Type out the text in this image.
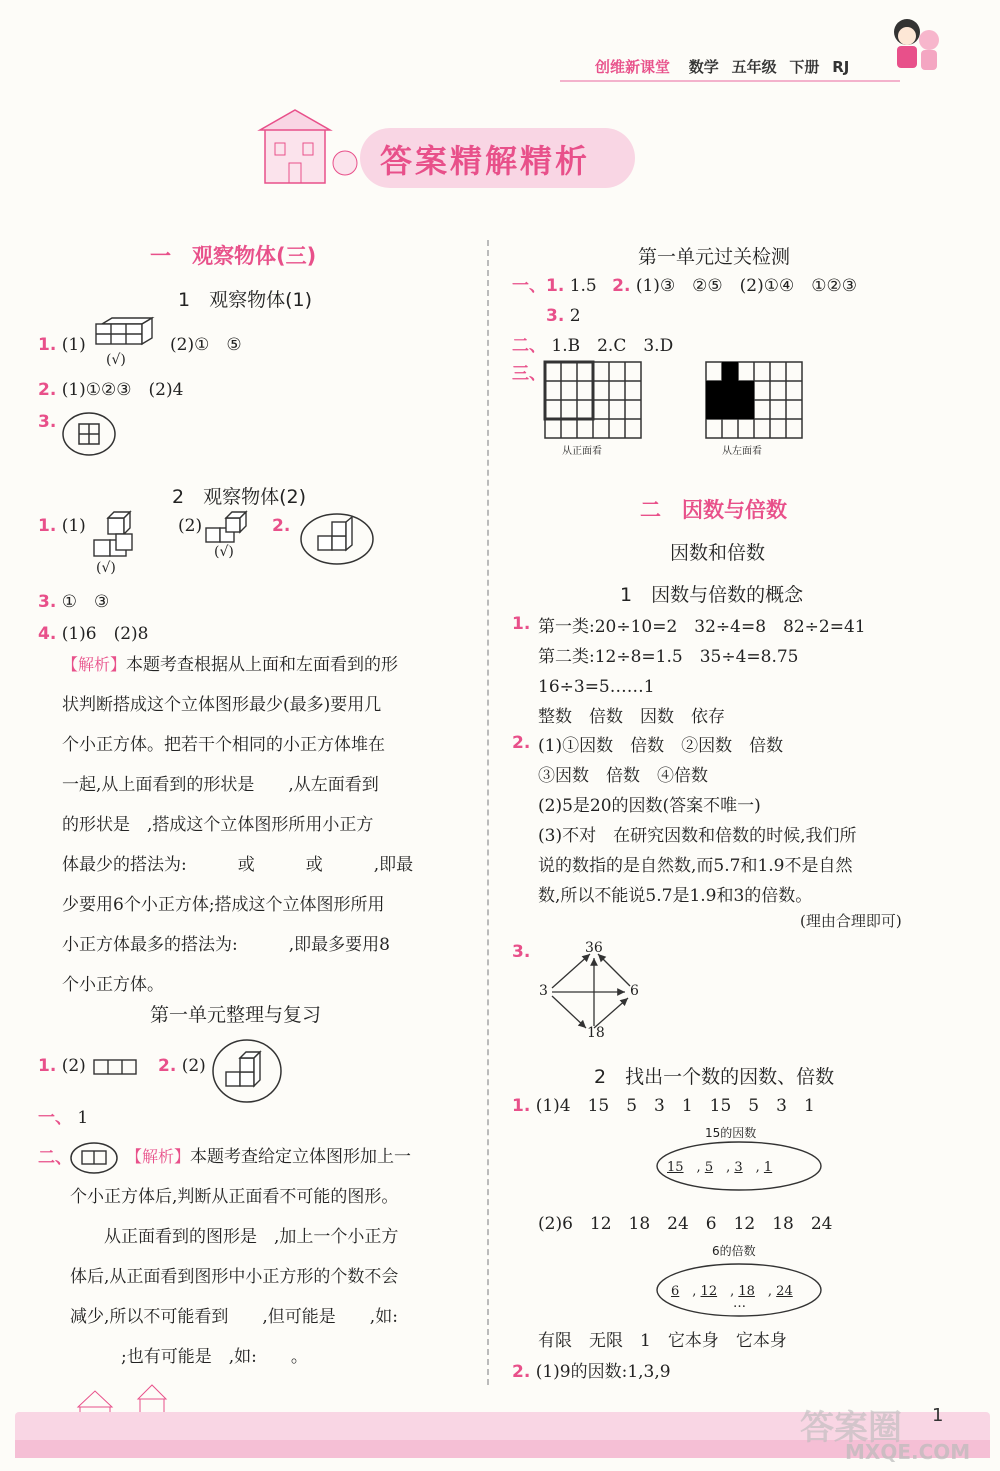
创维新课堂 数学 五年级 下册 RJ
答案精解精析
一　观察物体(三)
1　观察物体(1)
1. (1)
(√)
(2)①　⑤
2. (1)①②③　(2)4
3.
2　观察物体(2)
1. (1)
(√)
(2)
(√)
2.
3. ①　③
4. (1)6　(2)8
【解析】本题考查根据从上面和左面看到的形
状判断搭成这个立体图形最少(最多)要用几
个小正方体。把若干个相同的小正方体堆在
一起,从上面看到的形状是　　,从左面看到
的形状是　,搭成这个立体图形所用小正方
体最少的搭法为:　　　或　　　或　　　,即最
少要用6个小正方体;搭成这个立体图形所用
小正方体最多的搭法为:　　　,即最多要用8
个小正方体。
第一单元整理与复习
1. (2)	2. (2)
一、 1
二、	【解析】本题考查给定立体图形加上一
个小正方体后,判断从正面看不可能的图形。
　　从正面看到的图形是　,加上一个小正方
体后,从正面看到图形中小正方形的个数不会
减少,所以不可能看到　　,但可能是　　,如:
　　　;也有可能是　,如:　　。
第一单元过关检测
一、1. 1.5 2. (1)③　②⑤　(2)①④　①②③
3. 2
二、 1.B　2.C　3.D
三、
从正面看	从左面看
二　因数与倍数
因数和倍数
1　因数与倍数的概念
1. 第一类:20÷10=2　32÷4=8　82÷2=41
第二类:12÷8=1.5　35÷4=8.75
16÷3=5……1
整数　倍数　因数　依存
2. (1)①因数　倍数　②因数　倍数
③因数　倍数　④倍数
(2)5是20的因数(答案不唯一)
(3)不对　在研究因数和倍数的时候,我们所
说的数指的是自然数,而5.7和1.9不是自然
数,所以不能说5.7是1.9和3的倍数。
(理由合理即可)
3.	36
3	6
18
2　找出一个数的因数、倍数
1. (1)4　15　5　3　1　15　5　3　1
15的因数
15　, 5　, 3　, 1
(2)6　12　18　24　6　12　18　24
6的倍数
6　, 12　, 18　, 24
…
有限　无限　1　它本身　它本身
2. (1)9的因数:1,3,9
1
答案圈
MXQE.COM
